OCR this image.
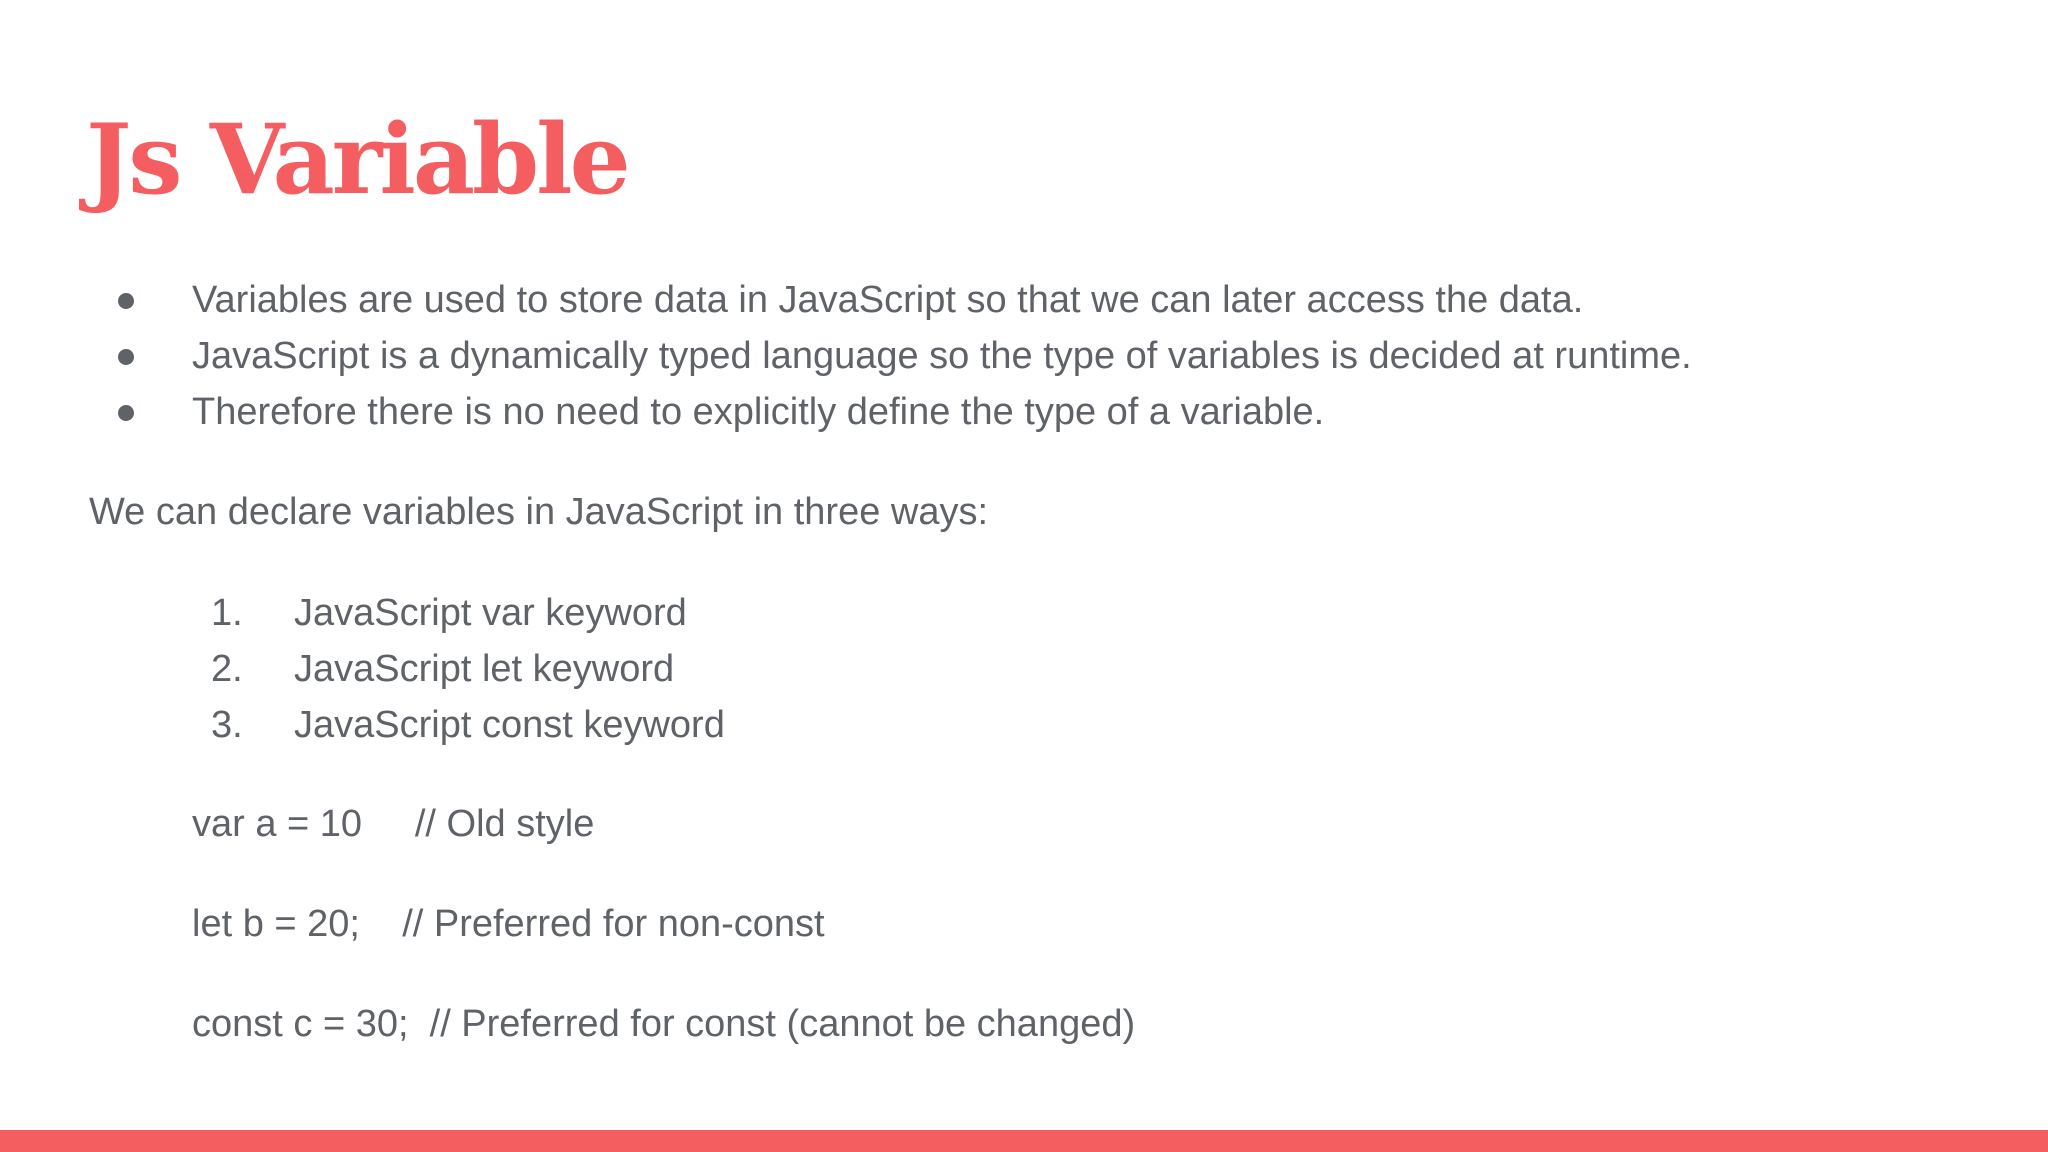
Js Variable
Variables are used to store data in JavaScript so that we can later access the data.
JavaScript is a dynamically typed language so the type of variables is decided at runtime.
Therefore there is no need to explicitly define the type of a variable.

We can declare variables in JavaScript in three ways:

1. JavaScript var keyword
2. JavaScript let keyword
3. JavaScript const keyword

var a = 10     // Old style

let b = 20;    // Preferred for non-const

const c = 30;  // Preferred for const (cannot be changed)
